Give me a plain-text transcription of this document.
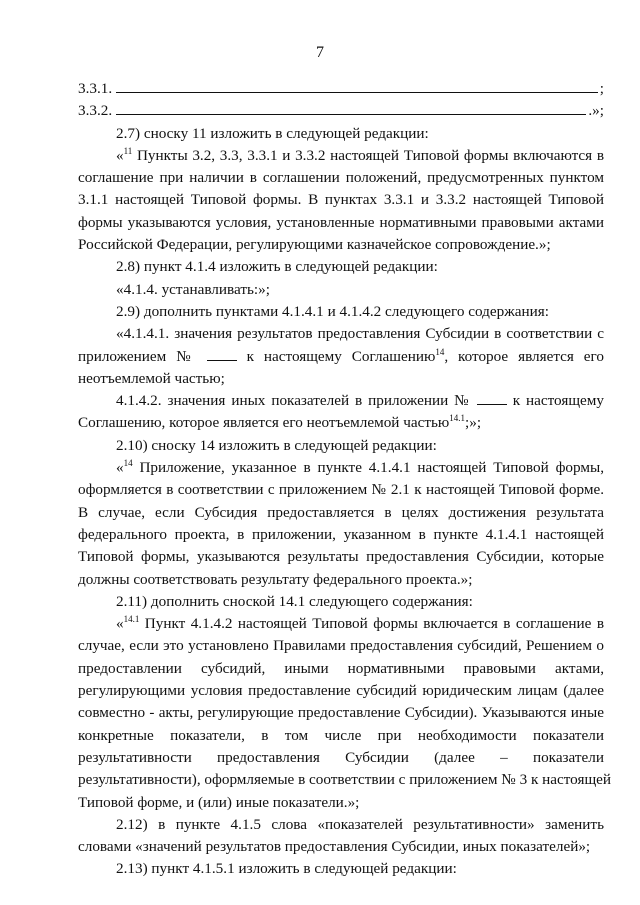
7
3.3.1.	;
3.3.2.	.»;
2.7) сноску 11 изложить в следующей редакции:
«$^{11}$ Пункты 3.2, 3.3, 3.3.1 и 3.3.2 настоящей Типовой формы включаются в
соглашение при наличии в соглашении положений, предусмотренных пунктом
3.1.1 настоящей Типовой формы. В пунктах 3.3.1 и 3.3.2 настоящей Типовой
формы указываются условия, установленные нормативными правовыми актами
Российской Федерации, регулирующими казначейское сопровождение.»;
2.8) пункт 4.1.4 изложить в следующей редакции:
«4.1.4. устанавливать:»;
2.9) дополнить пунктами 4.1.4.1 и 4.1.4.2 следующего содержания:
«4.1.4.1. значения результатов предоставления Субсидии в соответствии с
приложением №  к настоящему Соглашению$^{14}$, которое является его
неотъемлемой частью;
4.1.4.2. значения иных показателей в приложении №  к настоящему
Соглашению, которое является его неотъемлемой частью$^{14.1}$;»;
2.10) сноску 14 изложить в следующей редакции:
«$^{14}$ Приложение, указанное в пункте 4.1.4.1 настоящей Типовой формы,
оформляется в соответствии с приложением № 2.1 к настоящей Типовой форме.
В случае, если Субсидия предоставляется в целях достижения результата
федерального проекта, в приложении, указанном в пункте 4.1.4.1 настоящей
Типовой формы, указываются результаты предоставления Субсидии, которые
должны соответствовать результату федерального проекта.»;
2.11) дополнить сноской 14.1 следующего содержания:
«$^{14.1}$ Пункт 4.1.4.2 настоящей Типовой формы включается в соглашение в
случае, если это установлено Правилами предоставления субсидий, Решением о
предоставлении субсидий, иными нормативными правовыми актами,
регулирующими условия предоставление субсидий юридическим лицам (далее
совместно - акты, регулирующие предоставление Субсидии). Указываются иные
конкретные показатели, в том числе при необходимости показатели
результативности предоставления Субсидии (далее – показатели
результативности), оформляемые в соответствии с приложением № 3 к настоящей
Типовой форме, и (или) иные показатели.»;
2.12) в пункте 4.1.5 слова «показателей результативности» заменить
словами «значений результатов предоставления Субсидии, иных показателей»;
2.13) пункт 4.1.5.1 изложить в следующей редакции:
